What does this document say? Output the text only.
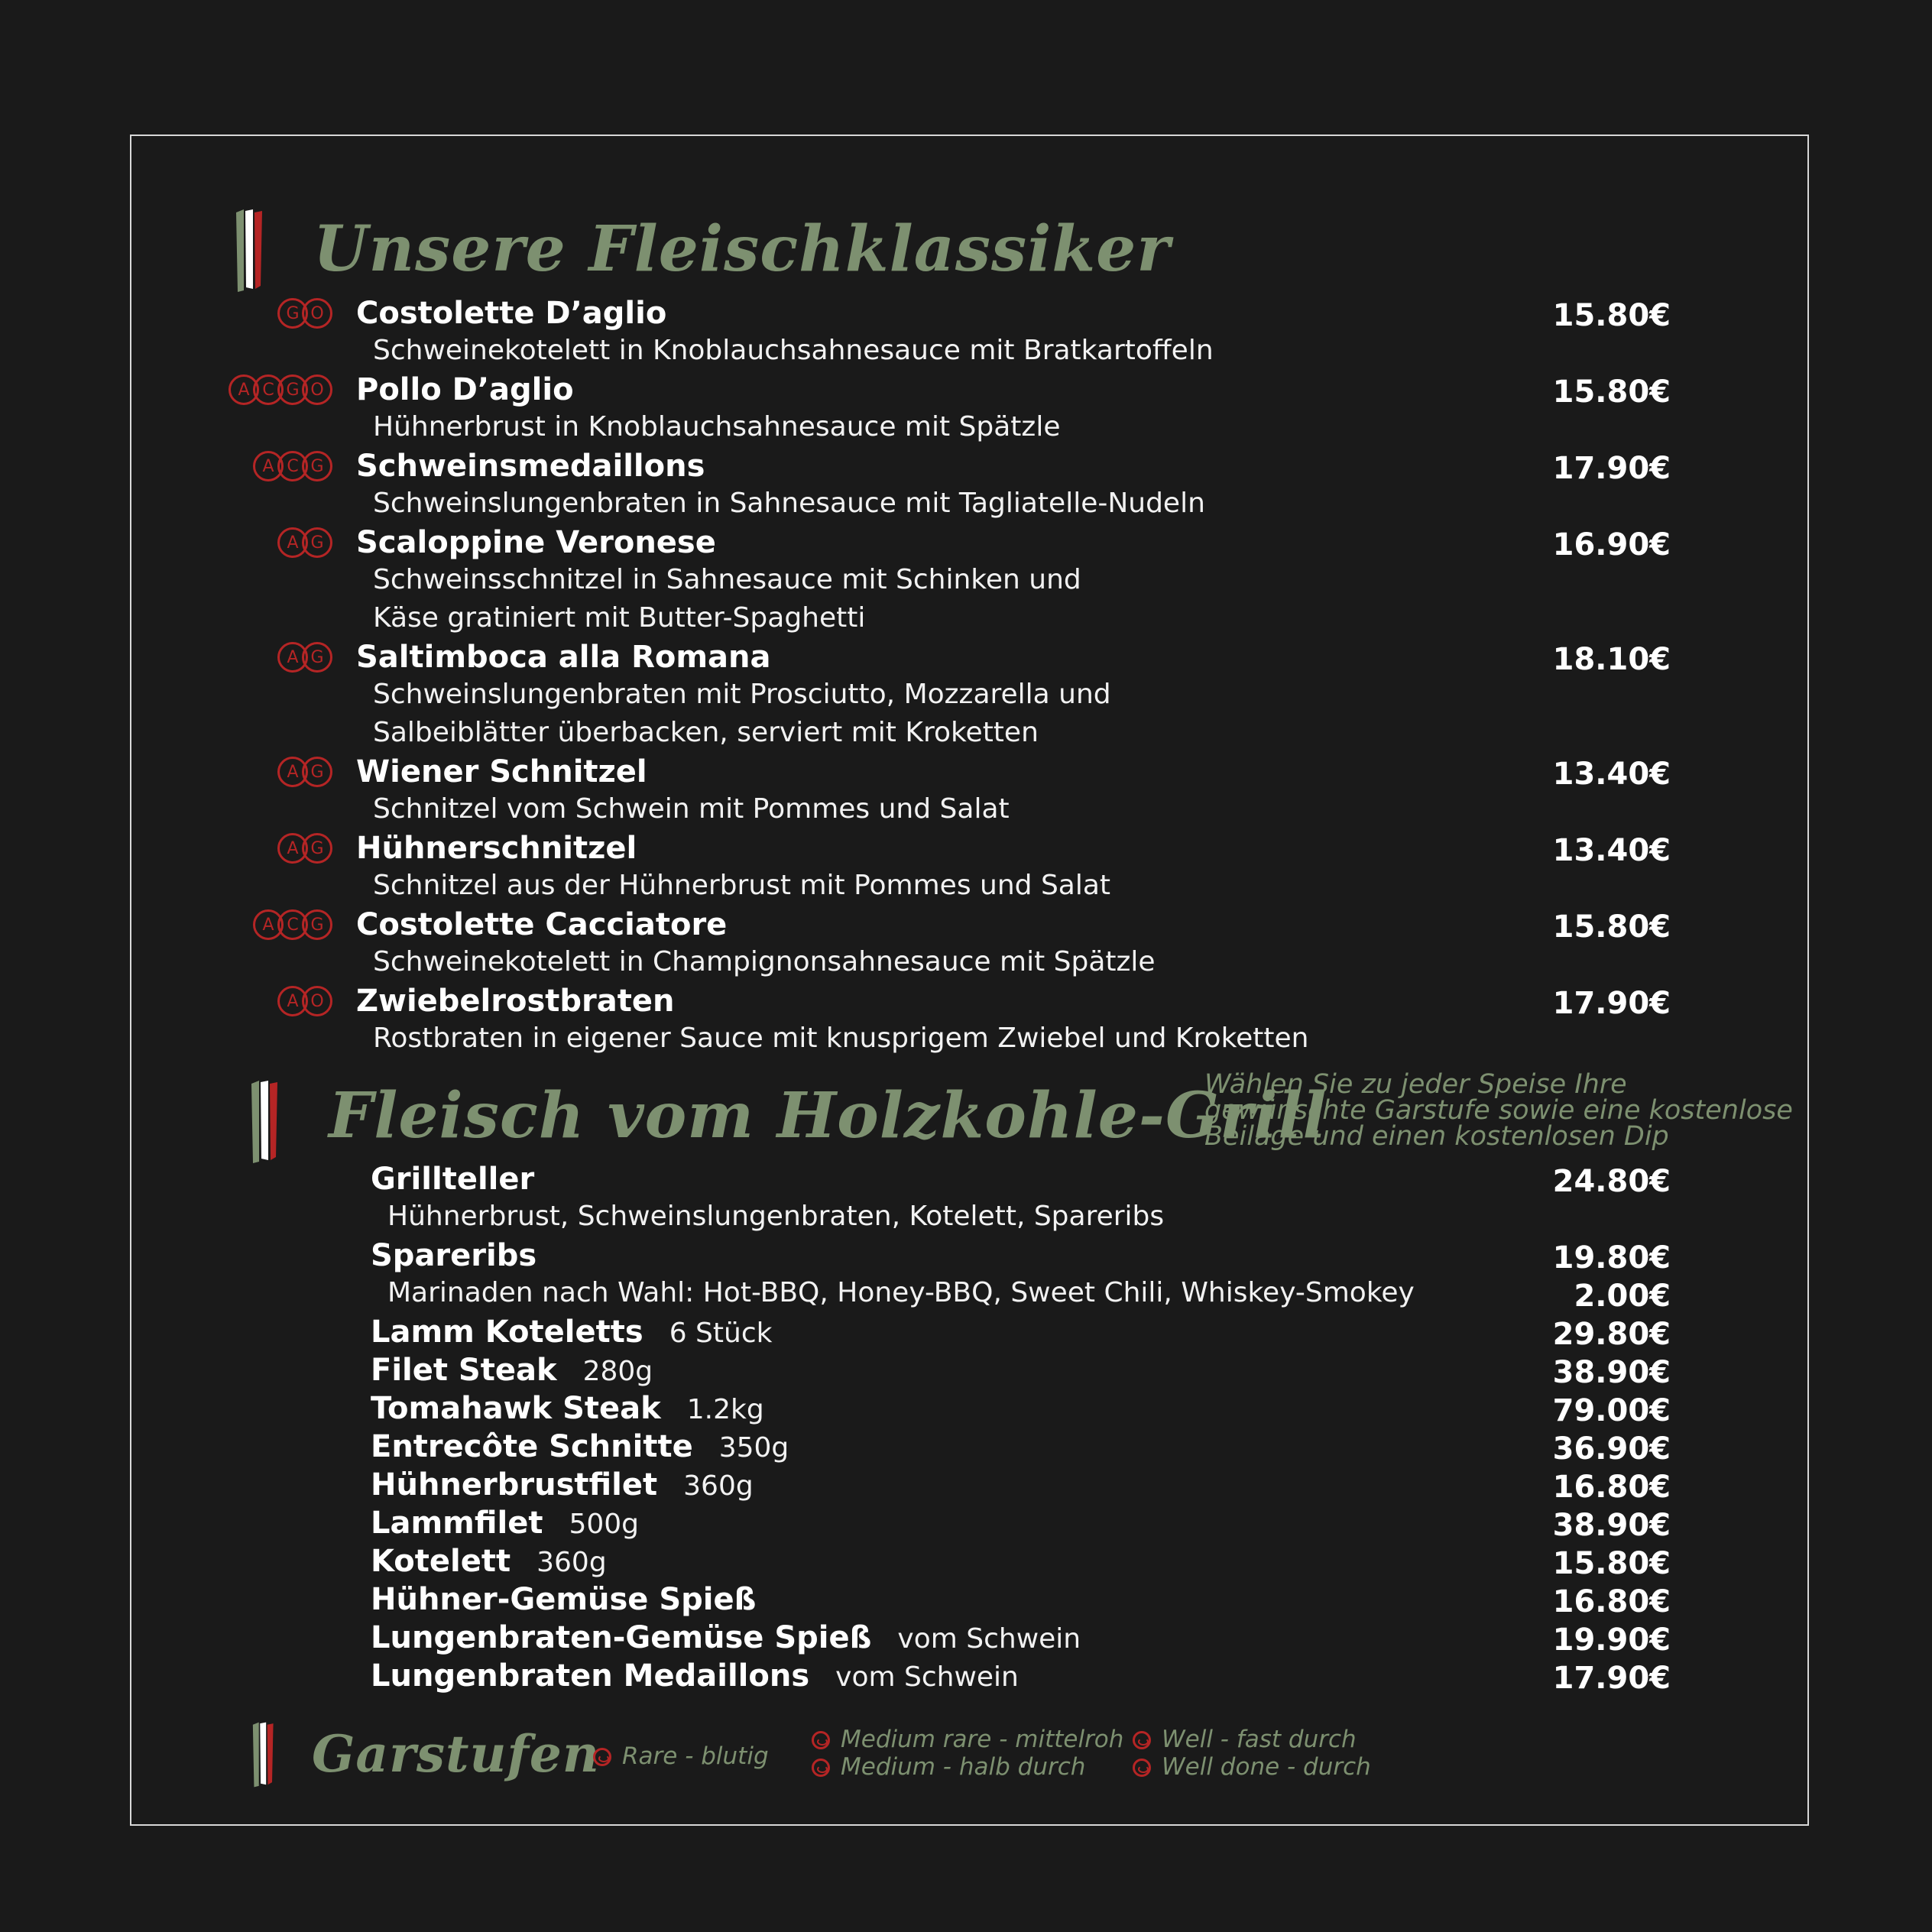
Unsere Fleischklassiker
G O Costolette D’aglio	15.80€
Schweinekotelett in Knoblauchsahnesauce mit Bratkartoffeln
A C G O Pollo D’aglio	15.80€
Hühnerbrust in Knoblauchsahnesauce mit Spätzle
A C G Schweinsmedaillons	17.90€
Schweinslungenbraten in Sahnesauce mit Tagliatelle-Nudeln
A G Scaloppine Veronese	16.90€
Schweinsschnitzel in Sahnesauce mit Schinken und
Käse gratiniert mit Butter-Spaghetti
A G Saltimboca alla Romana	18.10€
Schweinslungenbraten mit Prosciutto, Mozzarella und
Salbeiblätter überbacken, serviert mit Kroketten
A G Wiener Schnitzel	13.40€
Schnitzel vom Schwein mit Pommes und Salat
A G Hühnerschnitzel	13.40€
Schnitzel aus der Hühnerbrust mit Pommes und Salat
A C G Costolette Cacciatore	15.80€
Schweinekotelett in Champignonsahnesauce mit Spätzle
A O Zwiebelrostbraten	17.90€
Rostbraten in eigener Sauce mit knusprigem Zwiebel und Kroketten
Fleisch vom Holzkohle-Grill
Wählen Sie zu jeder Speise Ihre
gewünschte Garstufe sowie eine kostenlose
Beilage und einen kostenlosen Dip
Grillteller	24.80€
Hühnerbrust, Schweinslungenbraten, Kotelett, Spareribs
Spareribs	19.80€
Marinaden nach Wahl: Hot-BBQ, Honey-BBQ, Sweet Chili, Whiskey-Smokey	2.00€
Lamm Koteletts 6 Stück	29.80€
Filet Steak 280g	38.90€
Tomahawk Steak 1.2kg	79.00€
Entrecôte Schnitte 350g	36.90€
Hühnerbrustfilet 360g	16.80€
Lammfilet 500g	38.90€
Kotelett 360g	15.80€
Hühner-Gemüse Spieß	16.80€
Lungenbraten-Gemüse Spieß vom Schwein	19.90€
Lungenbraten Medaillons vom Schwein	17.90€
Garstufen Rare - blutig
Medium rare - mittelroh
Medium - halb durch
Well - fast durch
Well done - durch
